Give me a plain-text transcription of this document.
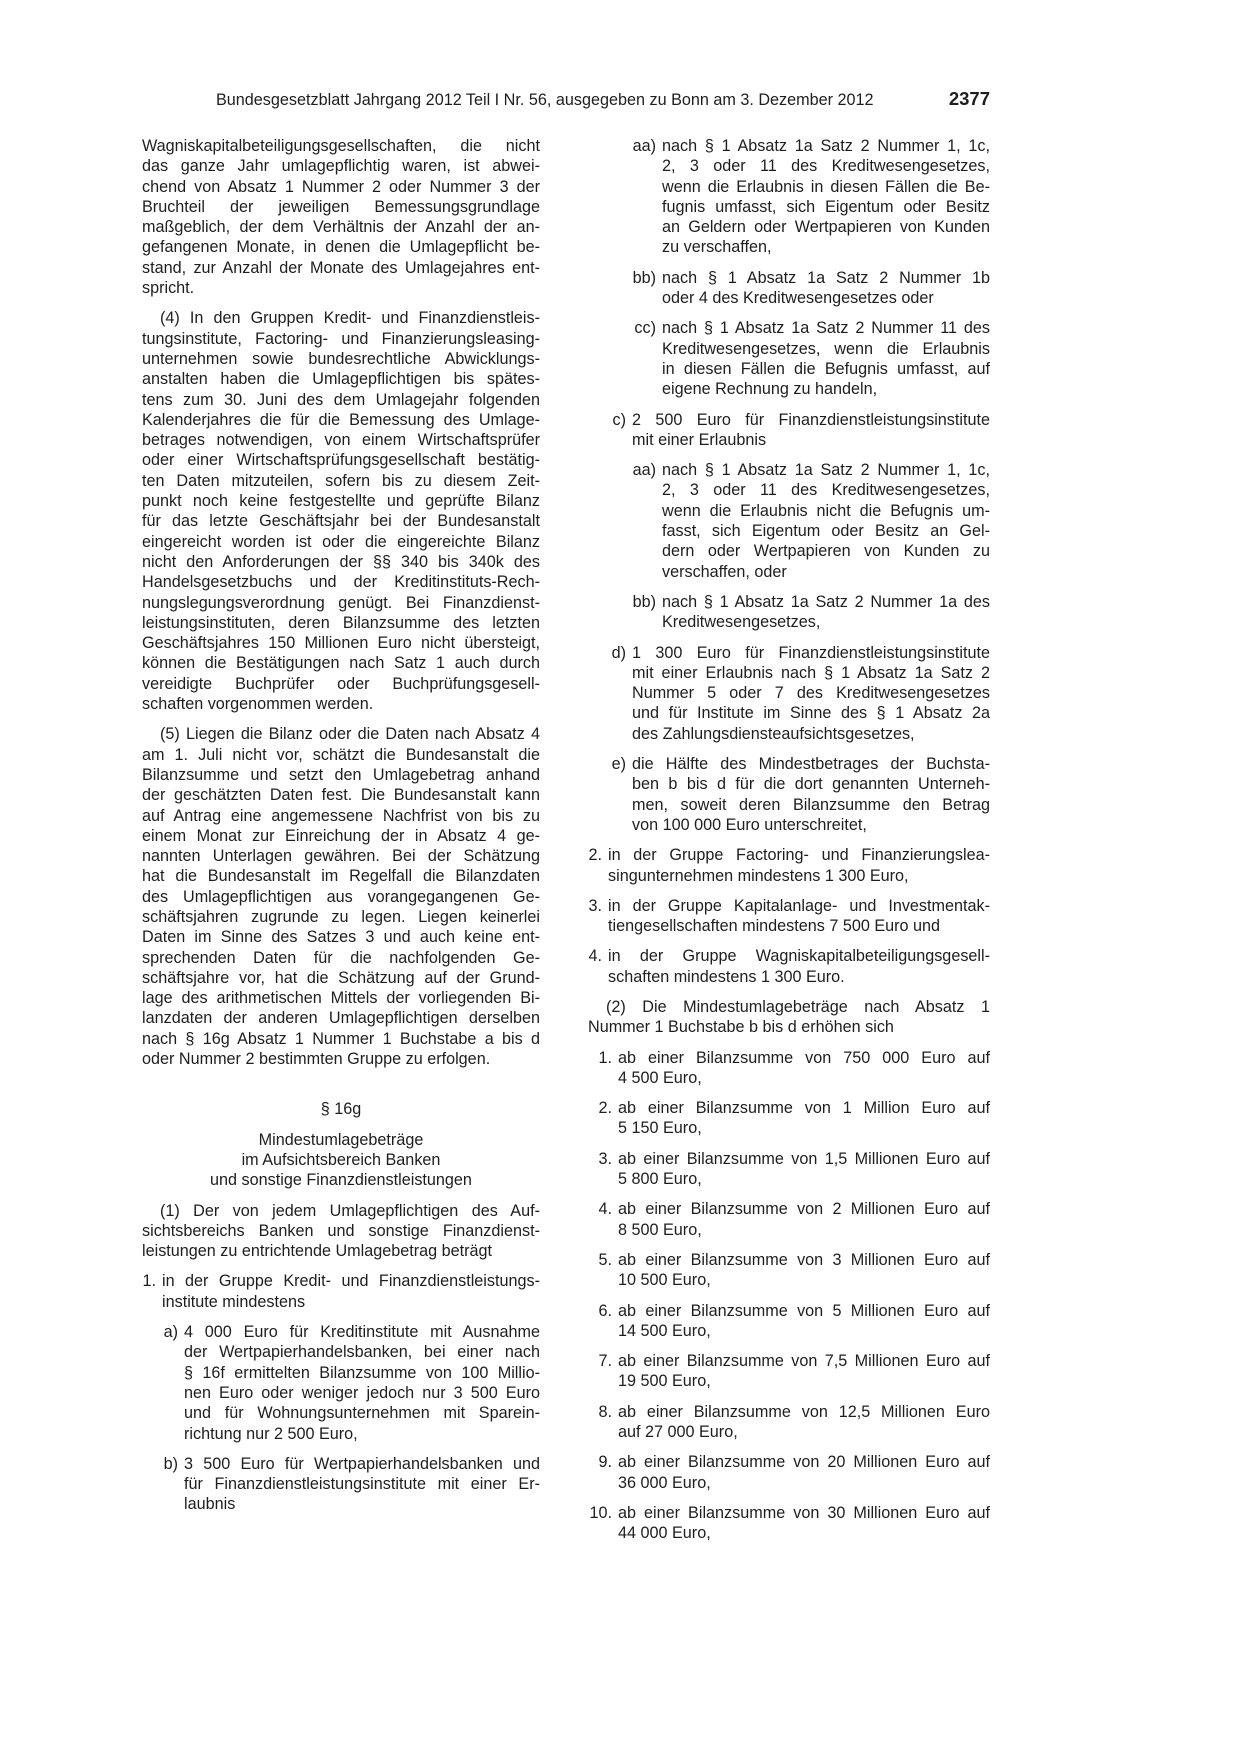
Bundesgesetzblatt Jahrgang 2012 Teil I Nr. 56, ausgegeben zu Bonn am 3. Dezember 2012	2377

Wagniskapitalbeteiligungsgesellschaften, die nicht
das ganze Jahr umlagepflichtig waren, ist abwei-
chend von Absatz 1 Nummer 2 oder Nummer 3 der
Bruchteil der jeweiligen Bemessungsgrundlage
maßgeblich, der dem Verhältnis der Anzahl der an-
gefangenen Monate, in denen die Umlagepflicht be-
stand, zur Anzahl der Monate des Umlagejahres ent-
spricht.

(4) In den Gruppen Kredit- und Finanzdienstleis-
tungsinstitute, Factoring- und Finanzierungsleasing-
unternehmen sowie bundesrechtliche Abwicklungs-
anstalten haben die Umlagepflichtigen bis spätes-
tens zum 30. Juni des dem Umlagejahr folgenden
Kalenderjahres die für die Bemessung des Umlage-
betrages notwendigen, von einem Wirtschaftsprüfer
oder einer Wirtschaftsprüfungsgesellschaft bestätig-
ten Daten mitzuteilen, sofern bis zu diesem Zeit-
punkt noch keine festgestellte und geprüfte Bilanz
für das letzte Geschäftsjahr bei der Bundesanstalt
eingereicht worden ist oder die eingereichte Bilanz
nicht den Anforderungen der §§ 340 bis 340k des
Handelsgesetzbuchs und der Kreditinstituts-Rech-
nungslegungsverordnung genügt. Bei Finanzdienst-
leistungsinstituten, deren Bilanzsumme des letzten
Geschäftsjahres 150 Millionen Euro nicht übersteigt,
können die Bestätigungen nach Satz 1 auch durch
vereidigte Buchprüfer oder Buchprüfungsgesell-
schaften vorgenommen werden.

(5) Liegen die Bilanz oder die Daten nach Absatz 4
am 1. Juli nicht vor, schätzt die Bundesanstalt die
Bilanzsumme und setzt den Umlagebetrag anhand
der geschätzten Daten fest. Die Bundesanstalt kann
auf Antrag eine angemessene Nachfrist von bis zu
einem Monat zur Einreichung der in Absatz 4 ge-
nannten Unterlagen gewähren. Bei der Schätzung
hat die Bundesanstalt im Regelfall die Bilanzdaten
des Umlagepflichtigen aus vorangegangenen Ge-
schäftsjahren zugrunde zu legen. Liegen keinerlei
Daten im Sinne des Satzes 3 und auch keine ent-
sprechenden Daten für die nachfolgenden Ge-
schäftsjahre vor, hat die Schätzung auf der Grund-
lage des arithmetischen Mittels der vorliegenden Bi-
lanzdaten der anderen Umlagepflichtigen derselben
nach § 16g Absatz 1 Nummer 1 Buchstabe a bis d
oder Nummer 2 bestimmten Gruppe zu erfolgen.

§ 16g
Mindestumlagebeträge
im Aufsichtsbereich Banken
und sonstige Finanzdienstleistungen

(1) Der von jedem Umlagepflichtigen des Auf-
sichtsbereichs Banken und sonstige Finanzdienst-
leistungen zu entrichtende Umlagebetrag beträgt

1. in der Gruppe Kredit- und Finanzdienstleistungs-
institute mindestens
a) 4 000 Euro für Kreditinstitute mit Ausnahme
der Wertpapierhandelsbanken, bei einer nach
§ 16f ermittelten Bilanzsumme von 100 Millio-
nen Euro oder weniger jedoch nur 3 500 Euro
und für Wohnungsunternehmen mit Sparein-
richtung nur 2 500 Euro,
b) 3 500 Euro für Wertpapierhandelsbanken und
für Finanzdienstleistungsinstitute mit einer Er-
laubnis
aa) nach § 1 Absatz 1a Satz 2 Nummer 1, 1c,
2, 3 oder 11 des Kreditwesengesetzes,
wenn die Erlaubnis in diesen Fällen die Be-
fugnis umfasst, sich Eigentum oder Besitz
an Geldern oder Wertpapieren von Kunden
zu verschaffen,
bb) nach § 1 Absatz 1a Satz 2 Nummer 1b
oder 4 des Kreditwesengesetzes oder
cc) nach § 1 Absatz 1a Satz 2 Nummer 11 des
Kreditwesengesetzes, wenn die Erlaubnis
in diesen Fällen die Befugnis umfasst, auf
eigene Rechnung zu handeln,
c) 2 500 Euro für Finanzdienstleistungsinstitute
mit einer Erlaubnis
aa) nach § 1 Absatz 1a Satz 2 Nummer 1, 1c,
2, 3 oder 11 des Kreditwesengesetzes,
wenn die Erlaubnis nicht die Befugnis um-
fasst, sich Eigentum oder Besitz an Gel-
dern oder Wertpapieren von Kunden zu
verschaffen, oder
bb) nach § 1 Absatz 1a Satz 2 Nummer 1a des
Kreditwesengesetzes,
d) 1 300 Euro für Finanzdienstleistungsinstitute
mit einer Erlaubnis nach § 1 Absatz 1a Satz 2
Nummer 5 oder 7 des Kreditwesengesetzes
und für Institute im Sinne des § 1 Absatz 2a
des Zahlungsdiensteaufsichtsgesetzes,
e) die Hälfte des Mindestbetrages der Buchsta-
ben b bis d für die dort genannten Unterneh-
men, soweit deren Bilanzsumme den Betrag
von 100 000 Euro unterschreitet,
2. in der Gruppe Factoring- und Finanzierungslea-
singunternehmen mindestens 1 300 Euro,
3. in der Gruppe Kapitalanlage- und Investmentak-
tiengesellschaften mindestens 7 500 Euro und
4. in der Gruppe Wagniskapitalbeteiligungsgesell-
schaften mindestens 1 300 Euro.

(2) Die Mindestumlagebeträge nach Absatz 1
Nummer 1 Buchstabe b bis d erhöhen sich

1. ab einer Bilanzsumme von 750 000 Euro auf
4 500 Euro,
2. ab einer Bilanzsumme von 1 Million Euro auf
5 150 Euro,
3. ab einer Bilanzsumme von 1,5 Millionen Euro auf
5 800 Euro,
4. ab einer Bilanzsumme von 2 Millionen Euro auf
8 500 Euro,
5. ab einer Bilanzsumme von 3 Millionen Euro auf
10 500 Euro,
6. ab einer Bilanzsumme von 5 Millionen Euro auf
14 500 Euro,
7. ab einer Bilanzsumme von 7,5 Millionen Euro auf
19 500 Euro,
8. ab einer Bilanzsumme von 12,5 Millionen Euro
auf 27 000 Euro,
9. ab einer Bilanzsumme von 20 Millionen Euro auf
36 000 Euro,
10. ab einer Bilanzsumme von 30 Millionen Euro auf
44 000 Euro,
